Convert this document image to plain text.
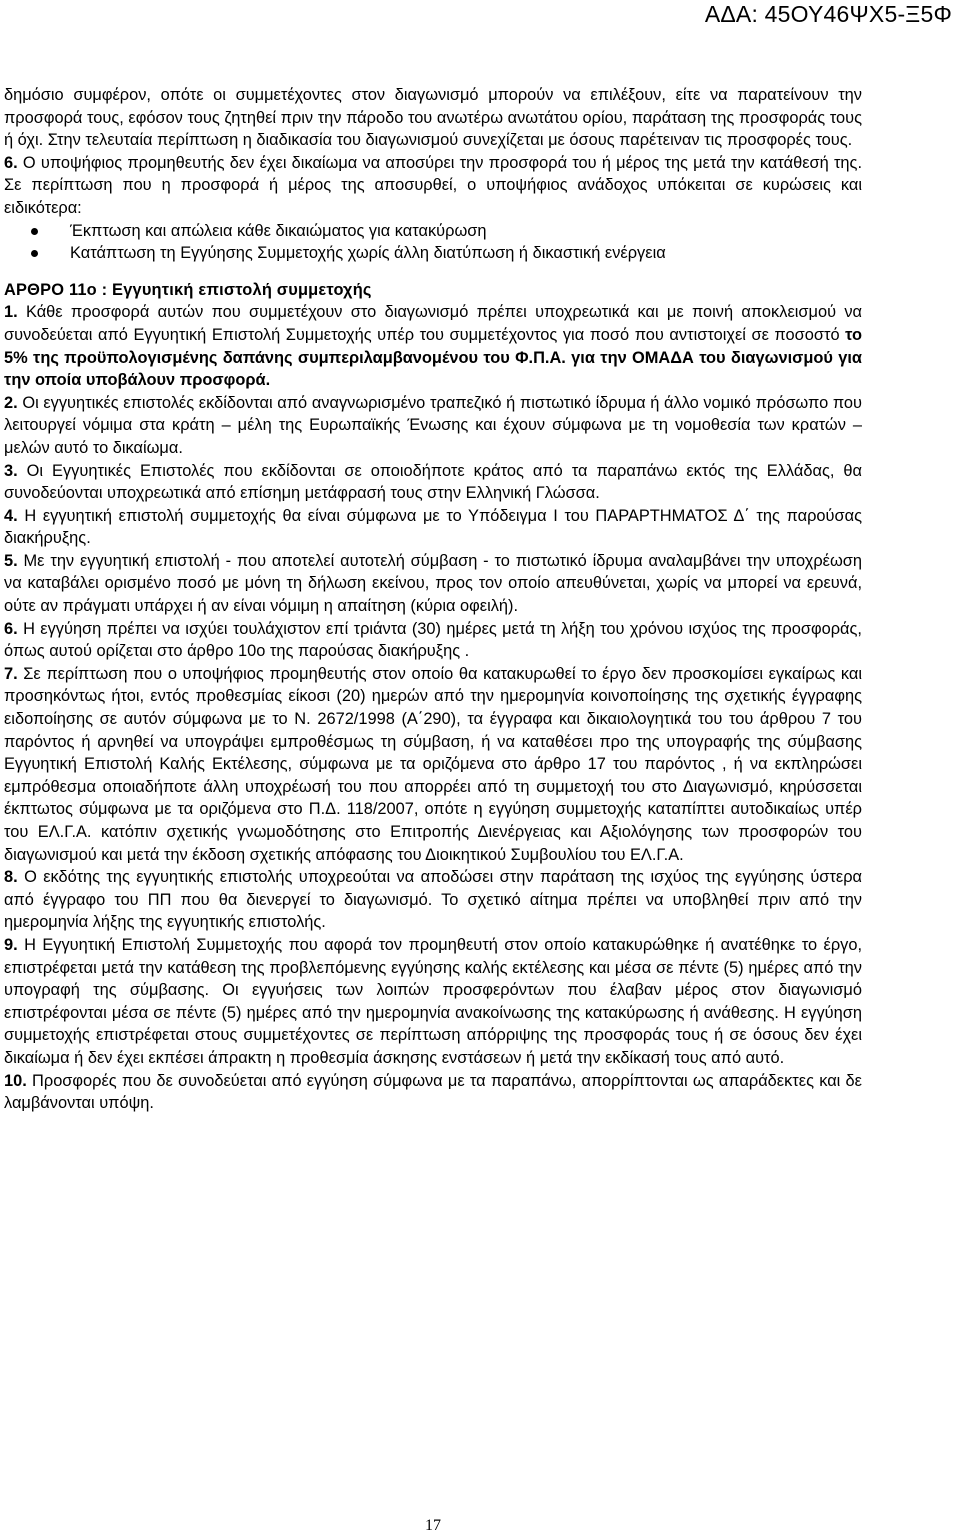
ΑΔΑ: 45ΟΥ46ΨΧ5-Ξ5Φ

δημόσιο συμφέρον, οπότε οι συμμετέχοντες στον διαγωνισμό μπορούν να επιλέξουν, είτε να παρατείνουν την προσφορά τους, εφόσον τους ζητηθεί πριν την πάροδο του ανωτέρω ανωτάτου ορίου, παράταση της προσφοράς τους ή όχι. Στην τελευταία περίπτωση η διαδικασία του διαγωνισμού συνεχίζεται με όσους παρέτειναν τις προσφορές τους.

6. Ο υποψήφιος προμηθευτής δεν έχει δικαίωμα να αποσύρει την προσφορά του ή μέρος της μετά την κατάθεσή της. Σε περίπτωση που η προσφορά ή μέρος της αποσυρθεί, ο υποψήφιος ανάδοχος υπόκειται σε κυρώσεις και ειδικότερα:

Έκπτωση και απώλεια κάθε δικαιώματος για κατακύρωση
Κατάπτωση τη Εγγύησης Συμμετοχής χωρίς άλλη διατύπωση ή δικαστική ενέργεια

ΑΡΘΡΟ 11ο : Εγγυητική επιστολή συμμετοχής

1. Κάθε προσφορά αυτών που συμμετέχουν στο διαγωνισμό πρέπει υποχρεωτικά και με ποινή αποκλεισμού να συνοδεύεται από Εγγυητική Επιστολή Συμμετοχής υπέρ του συμμετέχοντος για ποσό που αντιστοιχεί σε ποσοστό το 5% της προϋπολογισμένης δαπάνης συμπεριλαμβανομένου του Φ.Π.Α. για την ΟΜΑΔΑ του διαγωνισμού για την οποία υποβάλουν προσφορά.

2. Οι εγγυητικές επιστολές εκδίδονται από αναγνωρισμένο τραπεζικό ή πιστωτικό ίδρυμα ή άλλο νομικό πρόσωπο που λειτουργεί νόμιμα στα κράτη – μέλη της Ευρωπαϊκής Ένωσης και έχουν σύμφωνα με τη νομοθεσία των κρατών – μελών αυτό το δικαίωμα.

3. Οι Εγγυητικές Επιστολές που εκδίδονται σε οποιοδήποτε κράτος από τα παραπάνω εκτός της Ελλάδας, θα συνοδεύονται υποχρεωτικά από επίσημη μετάφρασή τους στην Ελληνική Γλώσσα.

4. Η εγγυητική επιστολή συμμετοχής θα είναι σύμφωνα με το Υπόδειγμα Ι του ΠΑΡΑΡΤΗΜΑΤΟΣ Δ΄ της παρούσας διακήρυξης.

5. Με την εγγυητική επιστολή - που αποτελεί αυτοτελή σύμβαση - το πιστωτικό ίδρυμα αναλαμβάνει την υποχρέωση να καταβάλει ορισμένο ποσό με μόνη τη δήλωση εκείνου, προς τον οποίο απευθύνεται, χωρίς να μπορεί να ερευνά, ούτε αν πράγματι υπάρχει ή αν είναι νόμιμη η απαίτηση (κύρια οφειλή).

6. Η εγγύηση πρέπει να ισχύει τουλάχιστον επί τριάντα (30) ημέρες μετά τη λήξη του χρόνου ισχύος της προσφοράς, όπως αυτού ορίζεται στο άρθρο 10ο της παρούσας διακήρυξης .

7. Σε περίπτωση που ο υποψήφιος προμηθευτής στον οποίο θα κατακυρωθεί το έργο δεν προσκομίσει εγκαίρως και προσηκόντως ήτοι, εντός προθεσμίας είκοσι (20) ημερών από την ημερομηνία κοινοποίησης της σχετικής έγγραφης ειδοποίησης σε αυτόν σύμφωνα με το Ν. 2672/1998 (Α΄290), τα έγγραφα και δικαιολογητικά του του άρθρου 7 του παρόντος ή αρνηθεί να υπογράψει εμπροθέσμως τη σύμβαση, ή να καταθέσει προ της υπογραφής της σύμβασης Εγγυητική Επιστολή Καλής Εκτέλεσης, σύμφωνα με τα οριζόμενα στο άρθρο 17 του παρόντος , ή να εκπληρώσει εμπρόθεσμα οποιαδήποτε άλλη υποχρέωσή του που απορρέει από τη συμμετοχή του στο Διαγωνισμό, κηρύσσεται έκπτωτος σύμφωνα με τα οριζόμενα στο Π.Δ. 118/2007, οπότε η εγγύηση συμμετοχής καταπίπτει αυτοδικαίως υπέρ του ΕΛ.Γ.Α. κατόπιν σχετικής γνωμοδότησης στο Επιτροπής Διενέργειας και Αξιολόγησης των προσφορών του διαγωνισμού και μετά την έκδοση σχετικής απόφασης του Διοικητικού Συμβουλίου του ΕΛ.Γ.Α.

8. Ο εκδότης της εγγυητικής επιστολής υποχρεούται να αποδώσει στην παράταση της ισχύος της εγγύησης ύστερα από έγγραφο του ΠΠ που θα διενεργεί το διαγωνισμό. Το σχετικό αίτημα πρέπει να υποβληθεί πριν από την ημερομηνία λήξης της εγγυητικής επιστολής.

9. Η Εγγυητική Επιστολή Συμμετοχής που αφορά τον προμηθευτή στον οποίο κατακυρώθηκε ή ανατέθηκε το έργο, επιστρέφεται μετά την κατάθεση της προβλεπόμενης εγγύησης καλής εκτέλεσης και μέσα σε πέντε (5) ημέρες από την υπογραφή της σύμβασης. Οι εγγυήσεις των λοιπών προσφερόντων που έλαβαν μέρος στον διαγωνισμό επιστρέφονται μέσα σε πέντε (5) ημέρες από την ημερομηνία ανακοίνωσης της κατακύρωσης ή ανάθεσης. Η εγγύηση συμμετοχής επιστρέφεται στους συμμετέχοντες σε περίπτωση απόρριψης της προσφοράς τους ή σε όσους δεν έχει δικαίωμα ή δεν έχει εκπέσει άπρακτη η προθεσμία άσκησης ενστάσεων ή μετά την εκδίκασή τους από αυτό.

10. Προσφορές που δε συνοδεύεται από εγγύηση σύμφωνα με τα παραπάνω, απορρίπτονται ως απαράδεκτες και δε λαμβάνονται υπόψη.

17
